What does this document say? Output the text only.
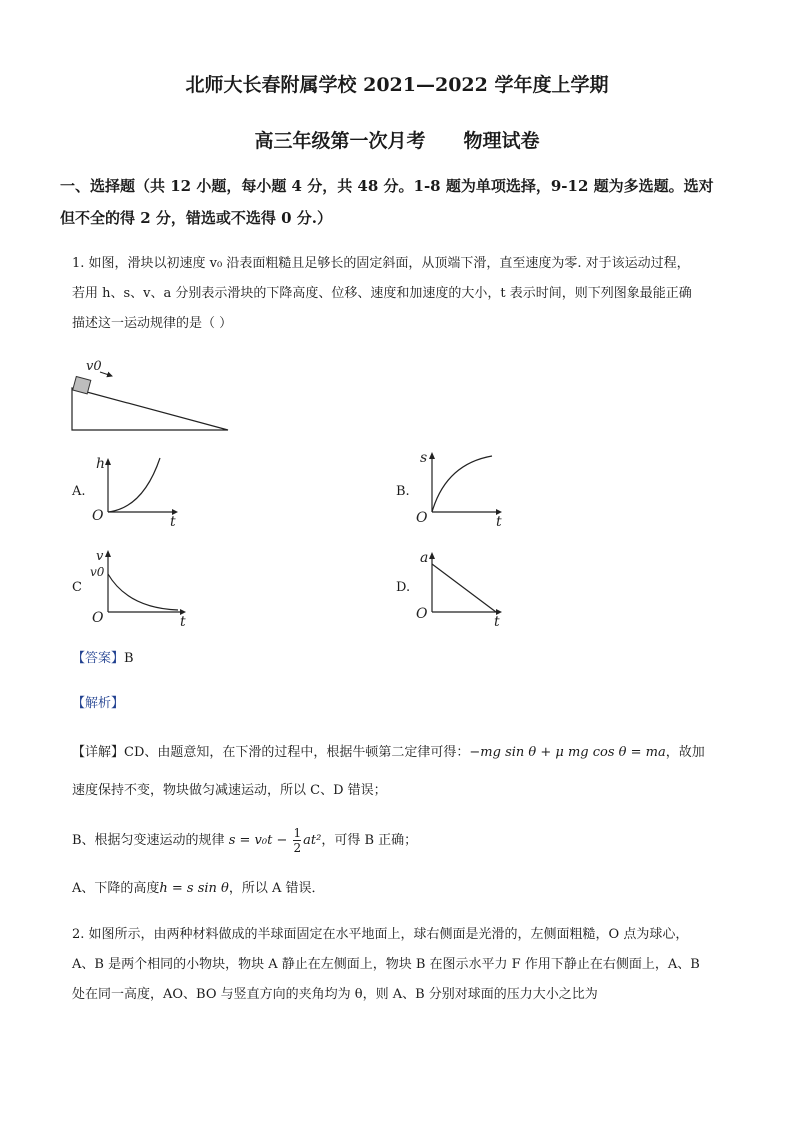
北师大长春附属学校 2021—2022 学年度上学期
高三年级第一次月考　　物理试卷
一、选择题（共 12 小题，每小题 4 分，共 48 分。1-8 题为单项选择，9-12 题为多选题。选对
但不全的得 2 分，错选或不选得 0 分.）
1. 如图，滑块以初速度 v₀ 沿表面粗糙且足够长的固定斜面，从顶端下滑，直至速度为零. 对于该运动过程，
若用 h、s、v、a 分别表示滑块的下降高度、位移、速度和加速度的大小，t 表示时间，则下列图象最能正确
描述这一运动规律的是（ ）
v0
A.
h
t
O
B.
s
t
O
C
v
v0
t
O
D.
a
t
O
【答案】B
【解析】
【详解】CD、由题意知，在下滑的过程中，根据牛顿第二定律可得：−mg sin θ + μ mg cos θ = ma，故加
速度保持不变，物块做匀减速运动，所以 C、D 错误；
B、根据匀变速运动的规律 $s = v_0t - \frac{1}{2} at^2$，可得 B 正确；
A、下降的高度h = s sin θ，所以 A 错误．
2. 如图所示，由两种材料做成的半球面固定在水平地面上，球右侧面是光滑的，左侧面粗糙，O 点为球心，
A、B 是两个相同的小物块，物块 A 静止在左侧面上，物块 B 在图示水平力 F 作用下静止在右侧面上，A、B
处在同一高度，AO、BO 与竖直方向的夹角均为 θ，则 A、B 分别对球面的压力大小之比为
